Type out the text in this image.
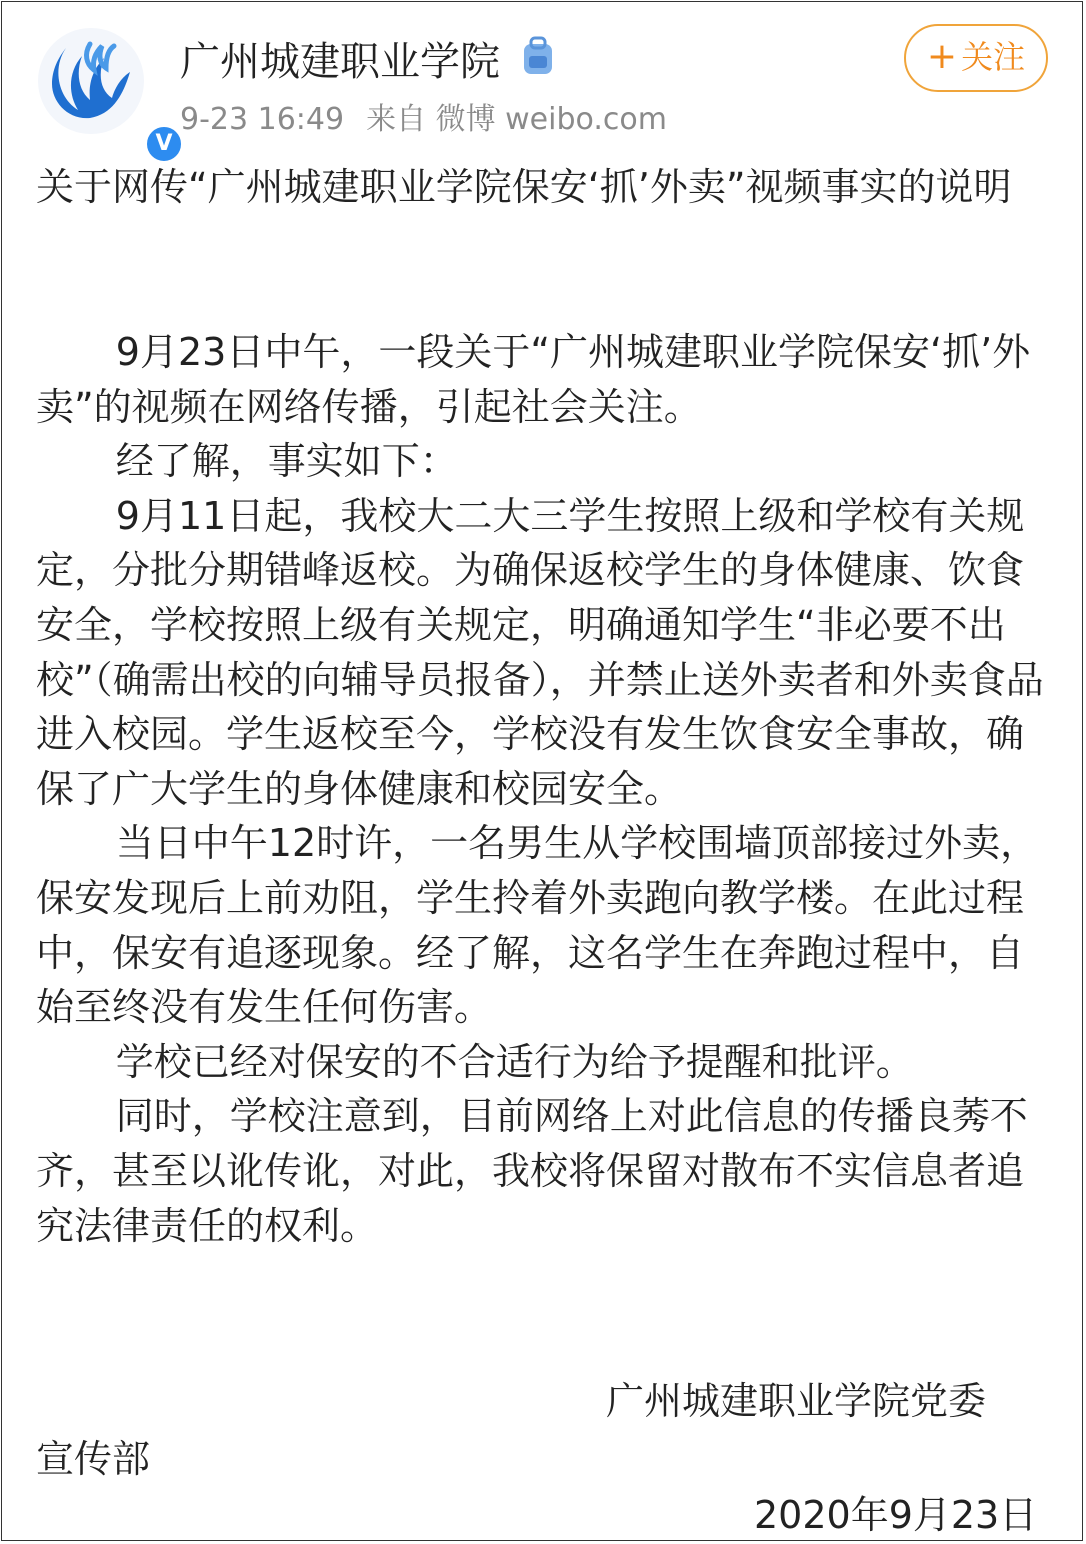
V
广州城建职业学院
9-23 16:49 来自 微博 weibo.com
+ 关注
关于网传“广州城建职业学院保安‘抓’外卖”视频事实的说明

9月23日中午，一段关于“广州城建职业学院保安‘抓’外卖”的视频在网络传播，引起社会关注。

经了解，事实如下：

9月11日起，我校大二大三学生按照上级和学校有关规定，分批分期错峰返校。为确保返校学生的身体健康、饮食安全，学校按照上级有关规定，明确通知学生“非必要不出校”（确需出校的向辅导员报备），并禁止送外卖者和外卖食品进入校园。学生返校至今，学校没有发生饮食安全事故，确保了广大学生的身体健康和校园安全。

当日中午12时许，一名男生从学校围墙顶部接过外卖，保安发现后上前劝阻，学生拎着外卖跑向教学楼。在此过程中，保安有追逐现象。经了解，这名学生在奔跑过程中，自始至终没有发生任何伤害。

学校已经对保安的不合适行为给予提醒和批评。

同时，学校注意到，目前网络上对此信息的传播良莠不齐，甚至以讹传讹，对此，我校将保留对散布不实信息者追究法律责任的权利。

广州城建职业学院党委
宣传部
2020年9月23日
